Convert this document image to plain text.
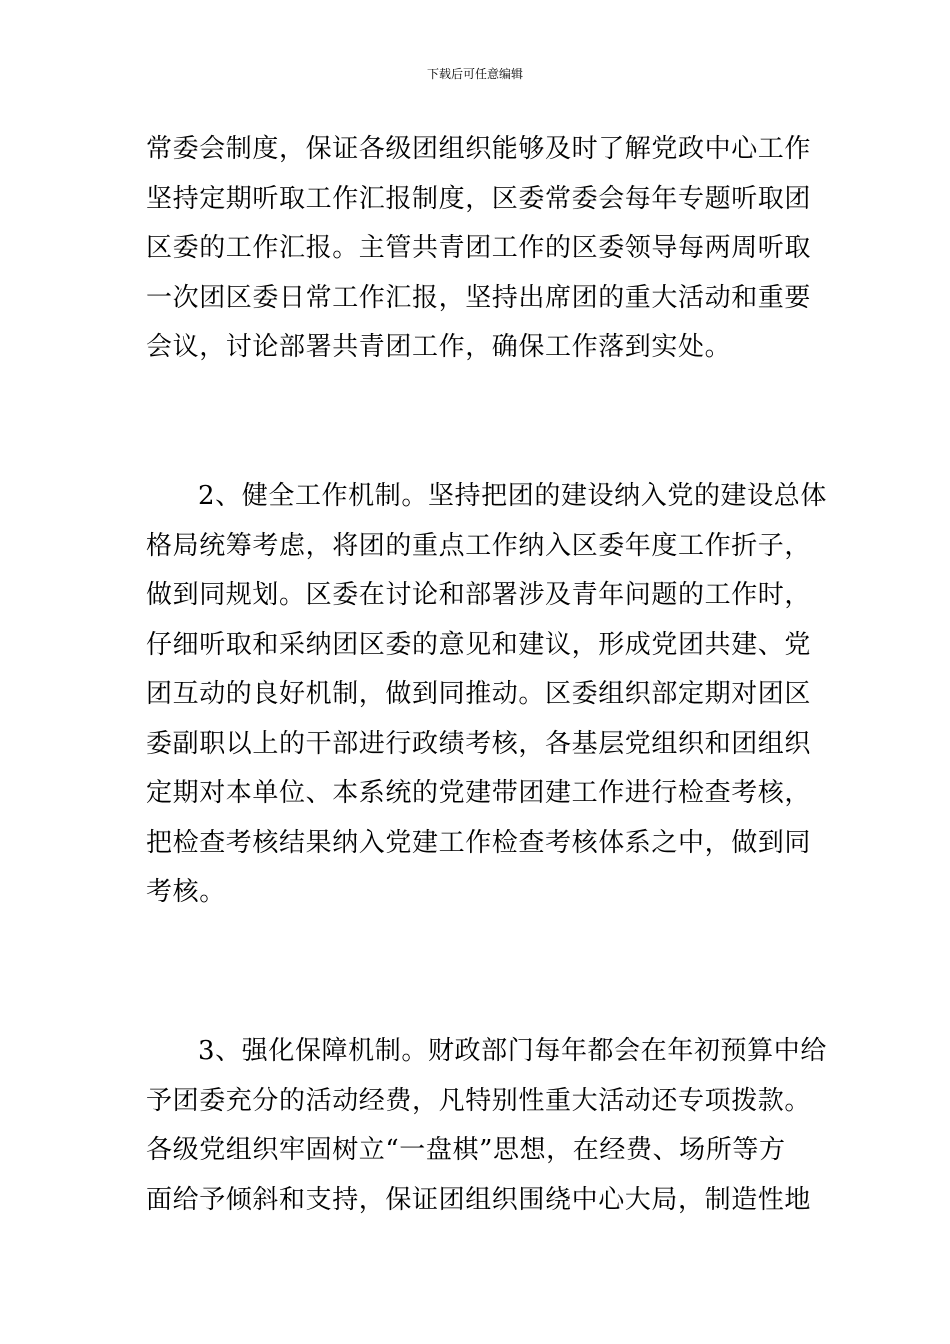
下载后可任意编辑
常委会制度，保证各级团组织能够及时了解党政中心工作
坚持定期听取工作汇报制度，区委常委会每年专题听取团
区委的工作汇报。主管共青团工作的区委领导每两周听取
一次团区委日常工作汇报，坚持出席团的重大活动和重要
会议，讨论部署共青团工作，确保工作落到实处。
2、健全工作机制。坚持把团的建设纳入党的建设总体
格局统筹考虑，将团的重点工作纳入区委年度工作折子，
做到同规划。区委在讨论和部署涉及青年问题的工作时，
仔细听取和采纳团区委的意见和建议，形成党团共建、党
团互动的良好机制，做到同推动。区委组织部定期对团区
委副职以上的干部进行政绩考核，各基层党组织和团组织
定期对本单位、本系统的党建带团建工作进行检查考核，
把检查考核结果纳入党建工作检查考核体系之中，做到同
考核。
3、强化保障机制。财政部门每年都会在年初预算中给
予团委充分的活动经费，凡特别性重大活动还专项拨款。
各级党组织牢固树立“一盘棋”思想，在经费、场所等方
面给予倾斜和支持，保证团组织围绕中心大局，制造性地
